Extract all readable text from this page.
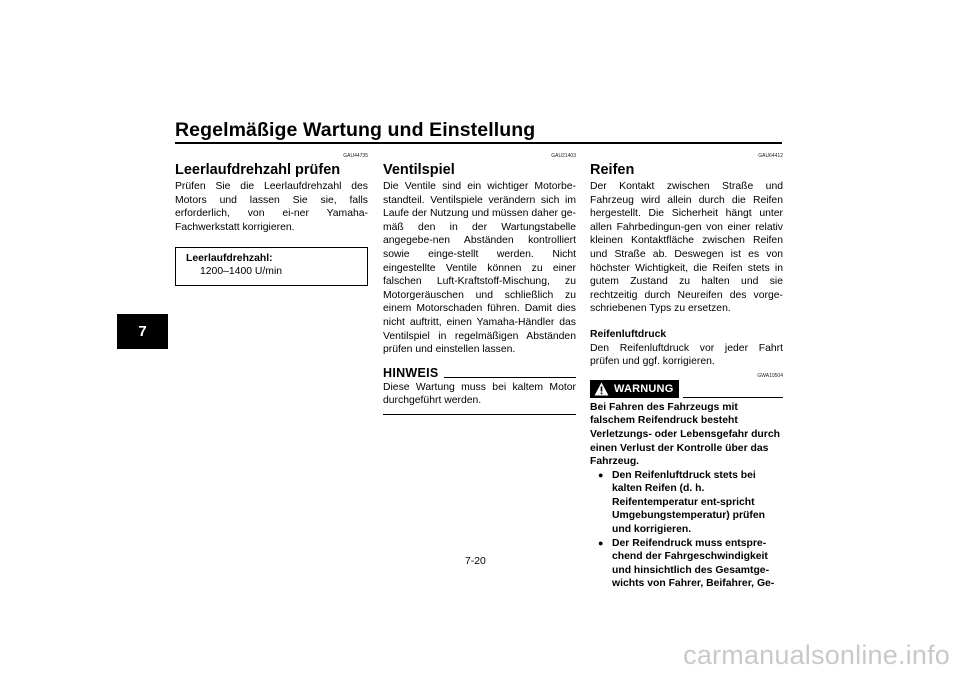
Regelmäßige Wartung und Einstellung
7
GAU44735
Leerlaufdrehzahl prüfen

Prüfen Sie die Leerlaufdrehzahl des Motors und lassen Sie sie, falls erforderlich, von ei-ner Yamaha-Fachwerkstatt korrigieren.

Leerlaufdrehzahl:
1200–1400 U/min
GAU21403
Ventilspiel

Die Ventile sind ein wichtiger Motorbe-standteil. Ventilspiele verändern sich im Laufe der Nutzung und müssen daher ge-mäß den in der Wartungstabelle angegebe-nen Abständen kontrolliert sowie einge-stellt werden. Nicht eingestellte Ventile können zu einer falschen Luft-Kraftstoff-Mischung, zu Motorgeräuschen und schließlich zu einem Motorschaden führen. Damit dies nicht auftritt, einen Yamaha-Händler das Ventilspiel in regelmäßigen Abständen prüfen und einstellen lassen.

HINWEIS

Diese Wartung muss bei kaltem Motor durchgeführt werden.

GAU64412
Reifen

Der Kontakt zwischen Straße und Fahrzeug wird allein durch die Reifen hergestellt. Die Sicherheit hängt unter allen Fahrbedingun-gen von einer relativ kleinen Kontaktfläche zwischen Reifen und Straße ab. Deswegen ist es von höchster Wichtigkeit, die Reifen stets in gutem Zustand zu halten und sie rechtzeitig durch Neureifen des vorge-schriebenen Typs zu ersetzen.

Reifenluftdruck

Den Reifenluftdruck vor jeder Fahrt prüfen und ggf. korrigieren.

GWA10504
WARNUNG
Bei Fahren des Fahrzeugs mit falschem Reifendruck besteht Verletzungs- oder Lebensgefahr durch einen Verlust der Kontrolle über das Fahrzeug.
● Den Reifenluftdruck stets bei kalten Reifen (d. h. Reifentemperatur ent-spricht Umgebungstemperatur) prüfen und korrigieren.
● Der Reifendruck muss entspre-chend der Fahrgeschwindigkeit und hinsichtlich des Gesamtge-wichts von Fahrer, Beifahrer, Ge-
7-20
carmanualsonline.info
